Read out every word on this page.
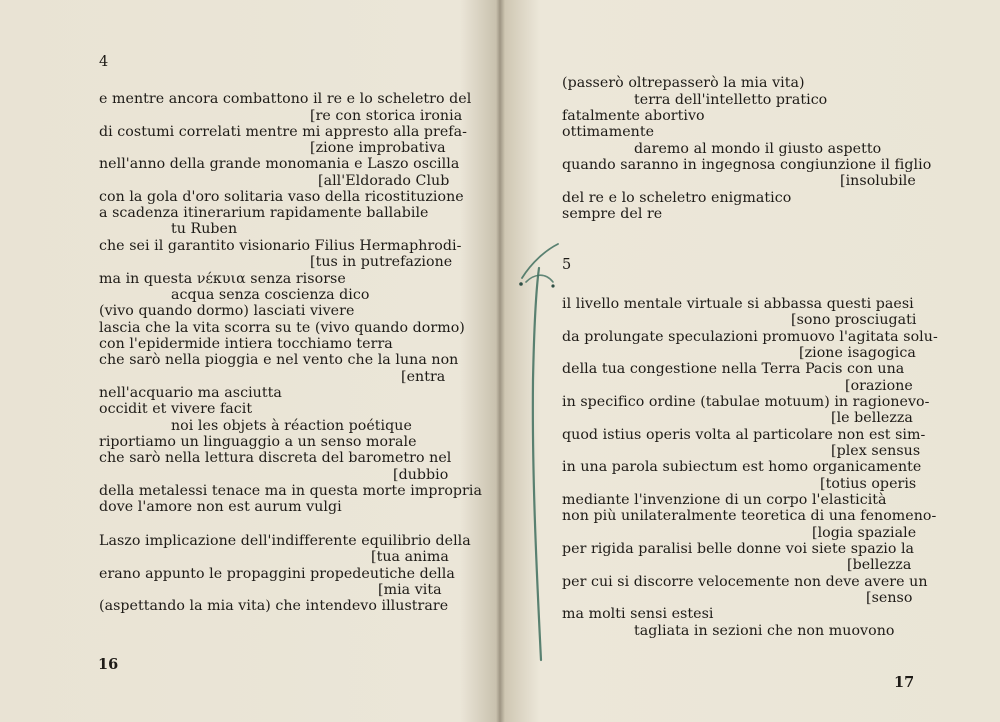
4
e mentre ancora combattono il re e lo scheletro del
[re con storica ironia
di costumi correlati mentre mi appresto alla prefa-
[zione improbativa
nell'anno della grande monomania e Laszo oscilla
[all'Eldorado Club
con la gola d'oro solitaria vaso della ricostituzione
a scadenza itinerarium rapidamente ballabile
tu Ruben
che sei il garantito visionario Filius Hermaphrodi-
[tus in putrefazione
ma in questa νέκυια senza risorse
acqua senza coscienza dico
(vivo quando dormo) lasciati vivere
lascia che la vita scorra su te (vivo quando dormo)
con l'epidermide intiera tocchiamo terra
che sarò nella pioggia e nel vento che la luna non
[entra
nell'acquario ma asciutta
occidit et vivere facit
noi les objets à réaction poétique
riportiamo un linguaggio a un senso morale
che sarò nella lettura discreta del barometro nel
[dubbio
della metalessi tenace ma in questa morte impropria
dove l'amore non est aurum vulgi
Laszo implicazione dell'indifferente equilibrio della
[tua anima
erano appunto le propaggini propedeutiche della
[mia vita
(aspettando la mia vita) che intendevo illustrare
16
(passerò oltrepasserò la mia vita)
terra dell'intelletto pratico
fatalmente abortivo
ottimamente
daremo al mondo il giusto aspetto
quando saranno in ingegnosa congiunzione il figlio
[insolubile
del re e lo scheletro enigmatico
sempre del re
5
il livello mentale virtuale si abbassa questi paesi
[sono prosciugati
da prolungate speculazioni promuovo l'agitata solu-
[zione isagogica
della tua congestione nella Terra Pacis con una
[orazione
in specifico ordine (tabulae motuum) in ragionevo-
[le bellezza
quod istius operis volta al particolare non est sim-
[plex sensus
in una parola subiectum est homo organicamente
[totius operis
mediante l'invenzione di un corpo l'elasticità
non più unilateralmente teoretica di una fenomeno-
[logia spaziale
per rigida paralisi belle donne voi siete spazio la
[bellezza
per cui si discorre velocemente non deve avere un
[senso
ma molti sensi estesi
tagliata in sezioni che non muovono
17
